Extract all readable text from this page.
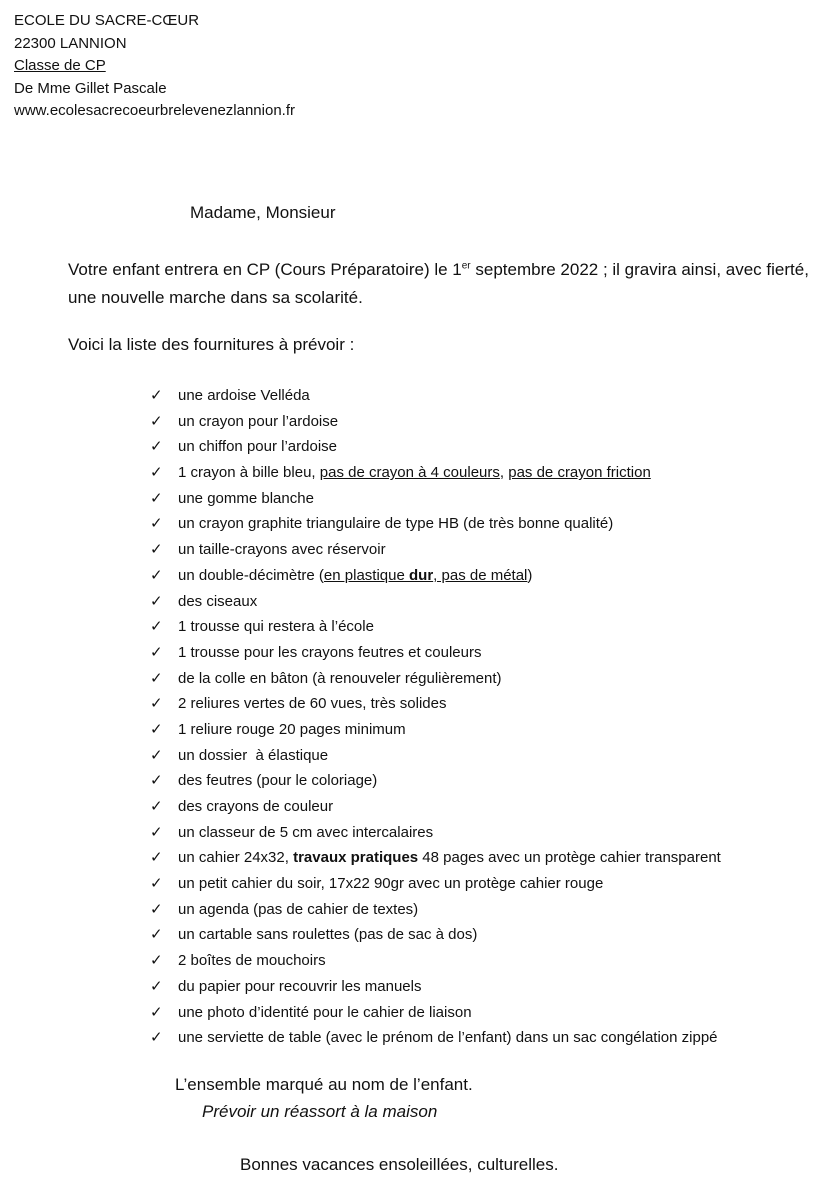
ECOLE DU SACRE-CŒUR
22300 LANNION
Classe de CP
De Mme Gillet Pascale
www.ecolesacrecoeurbrelevenezlannion.fr
Madame, Monsieur
Votre enfant entrera en CP (Cours Préparatoire) le 1er septembre 2022 ; il gravira ainsi, avec fierté, une nouvelle marche dans sa scolarité.
Voici la liste des fournitures à prévoir :
✓	une ardoise Velléda
✓	un crayon pour l’ardoise
✓	un chiffon pour l’ardoise
✓	1 crayon à bille bleu, pas de crayon à 4 couleurs, pas de crayon friction
✓	une gomme blanche
✓	un crayon graphite triangulaire de type HB (de très bonne qualité)
✓	un taille-crayons avec réservoir
✓	un double-décimètre (en plastique dur, pas de métal)
✓	des ciseaux
✓	1 trousse qui restera à l’école
✓	1 trousse pour les crayons feutres et couleurs
✓	de la colle en bâton (à renouveler régulièrement)
✓	2 reliures vertes de 60 vues, très solides
✓	1 reliure rouge 20 pages minimum
✓	un dossier  à élastique
✓	des feutres (pour le coloriage)
✓	des crayons de couleur
✓	un classeur de 5 cm avec intercalaires
✓	un cahier 24x32, travaux pratiques 48 pages avec un protège cahier transparent
✓	un petit cahier du soir, 17x22 90gr avec un protège cahier rouge
✓	un agenda (pas de cahier de textes)
✓	un cartable sans roulettes (pas de sac à dos)
✓	2 boîtes de mouchoirs
✓	du papier pour recouvrir les manuels
✓	une photo d’identité pour le cahier de liaison
✓	une serviette de table (avec le prénom de l’enfant) dans un sac congélation zippé
L’ensemble marqué au nom de l’enfant.
Prévoir un réassort à la maison
Bonnes vacances ensoleillées, culturelles.
